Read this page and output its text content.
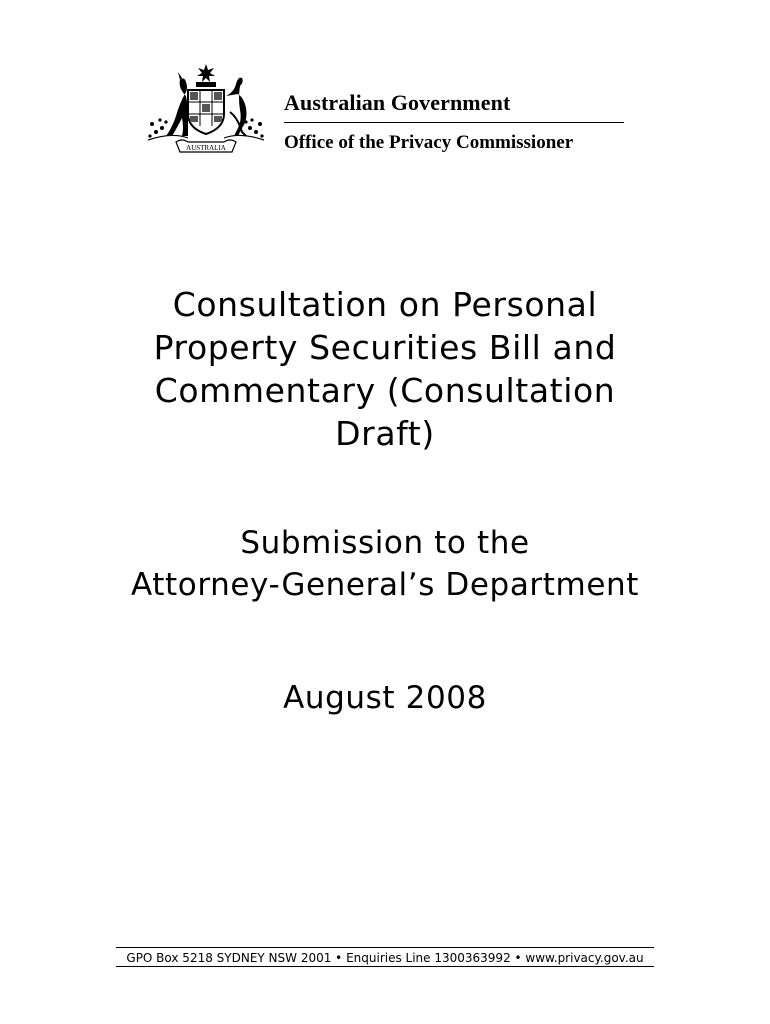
AUSTRALIA
Australian Government
Office of the Privacy Commissioner
Consultation on Personal
Property Securities Bill and
Commentary (Consultation
Draft)
Submission to the
Attorney-General’s Department
August 2008
GPO Box 5218 SYDNEY NSW 2001 • Enquiries Line 1300363992 • www.privacy.gov.au
